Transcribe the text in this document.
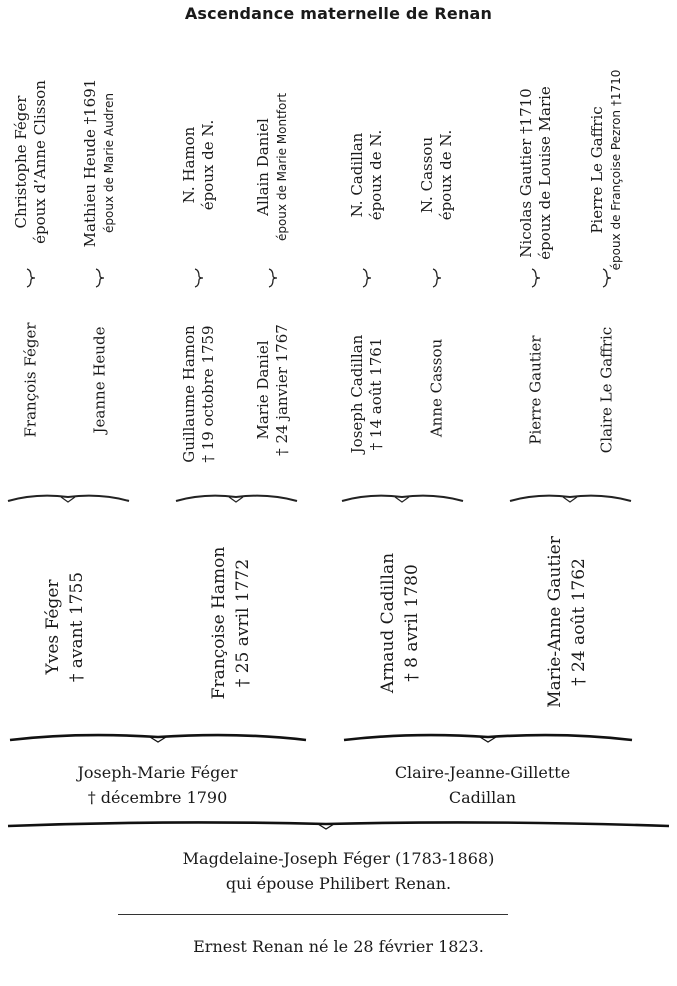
Ascendance maternelle de Renan
Christophe Féger époux d’Anne Clisson Mathieu Heude †1691 époux de Marie Audren	N. Hamon époux de N. Allain Daniel époux de Marie Montfort	N. Cadillan époux de N. N. Cassou époux de N.	Nicolas Gautier †1710 époux de Louise Marie Pierre Le Gaffric époux de Françoise Pezron †1710
François Féger	Jeanne Heude	Guillaume Hamon † 19 octobre 1759 Marie Daniel † 24 janvier 1767	Joseph Cadillan † 14 août 1761	Anne Cassou	Pierre Gautier	Claire Le Gaffric
Yves Féger † avant 1755	Françoise Hamon † 25 avril 1772	Arnaud Cadillan † 8 avril 1780	Marie-Anne Gautier † 24 août 1762
Joseph-Marie Féger
† décembre 1790
Claire-Jeanne-Gillette
Cadillan
Magdelaine-Joseph Féger (1783-1868)
qui épouse Philibert Renan.
Ernest Renan né le 28 février 1823.
